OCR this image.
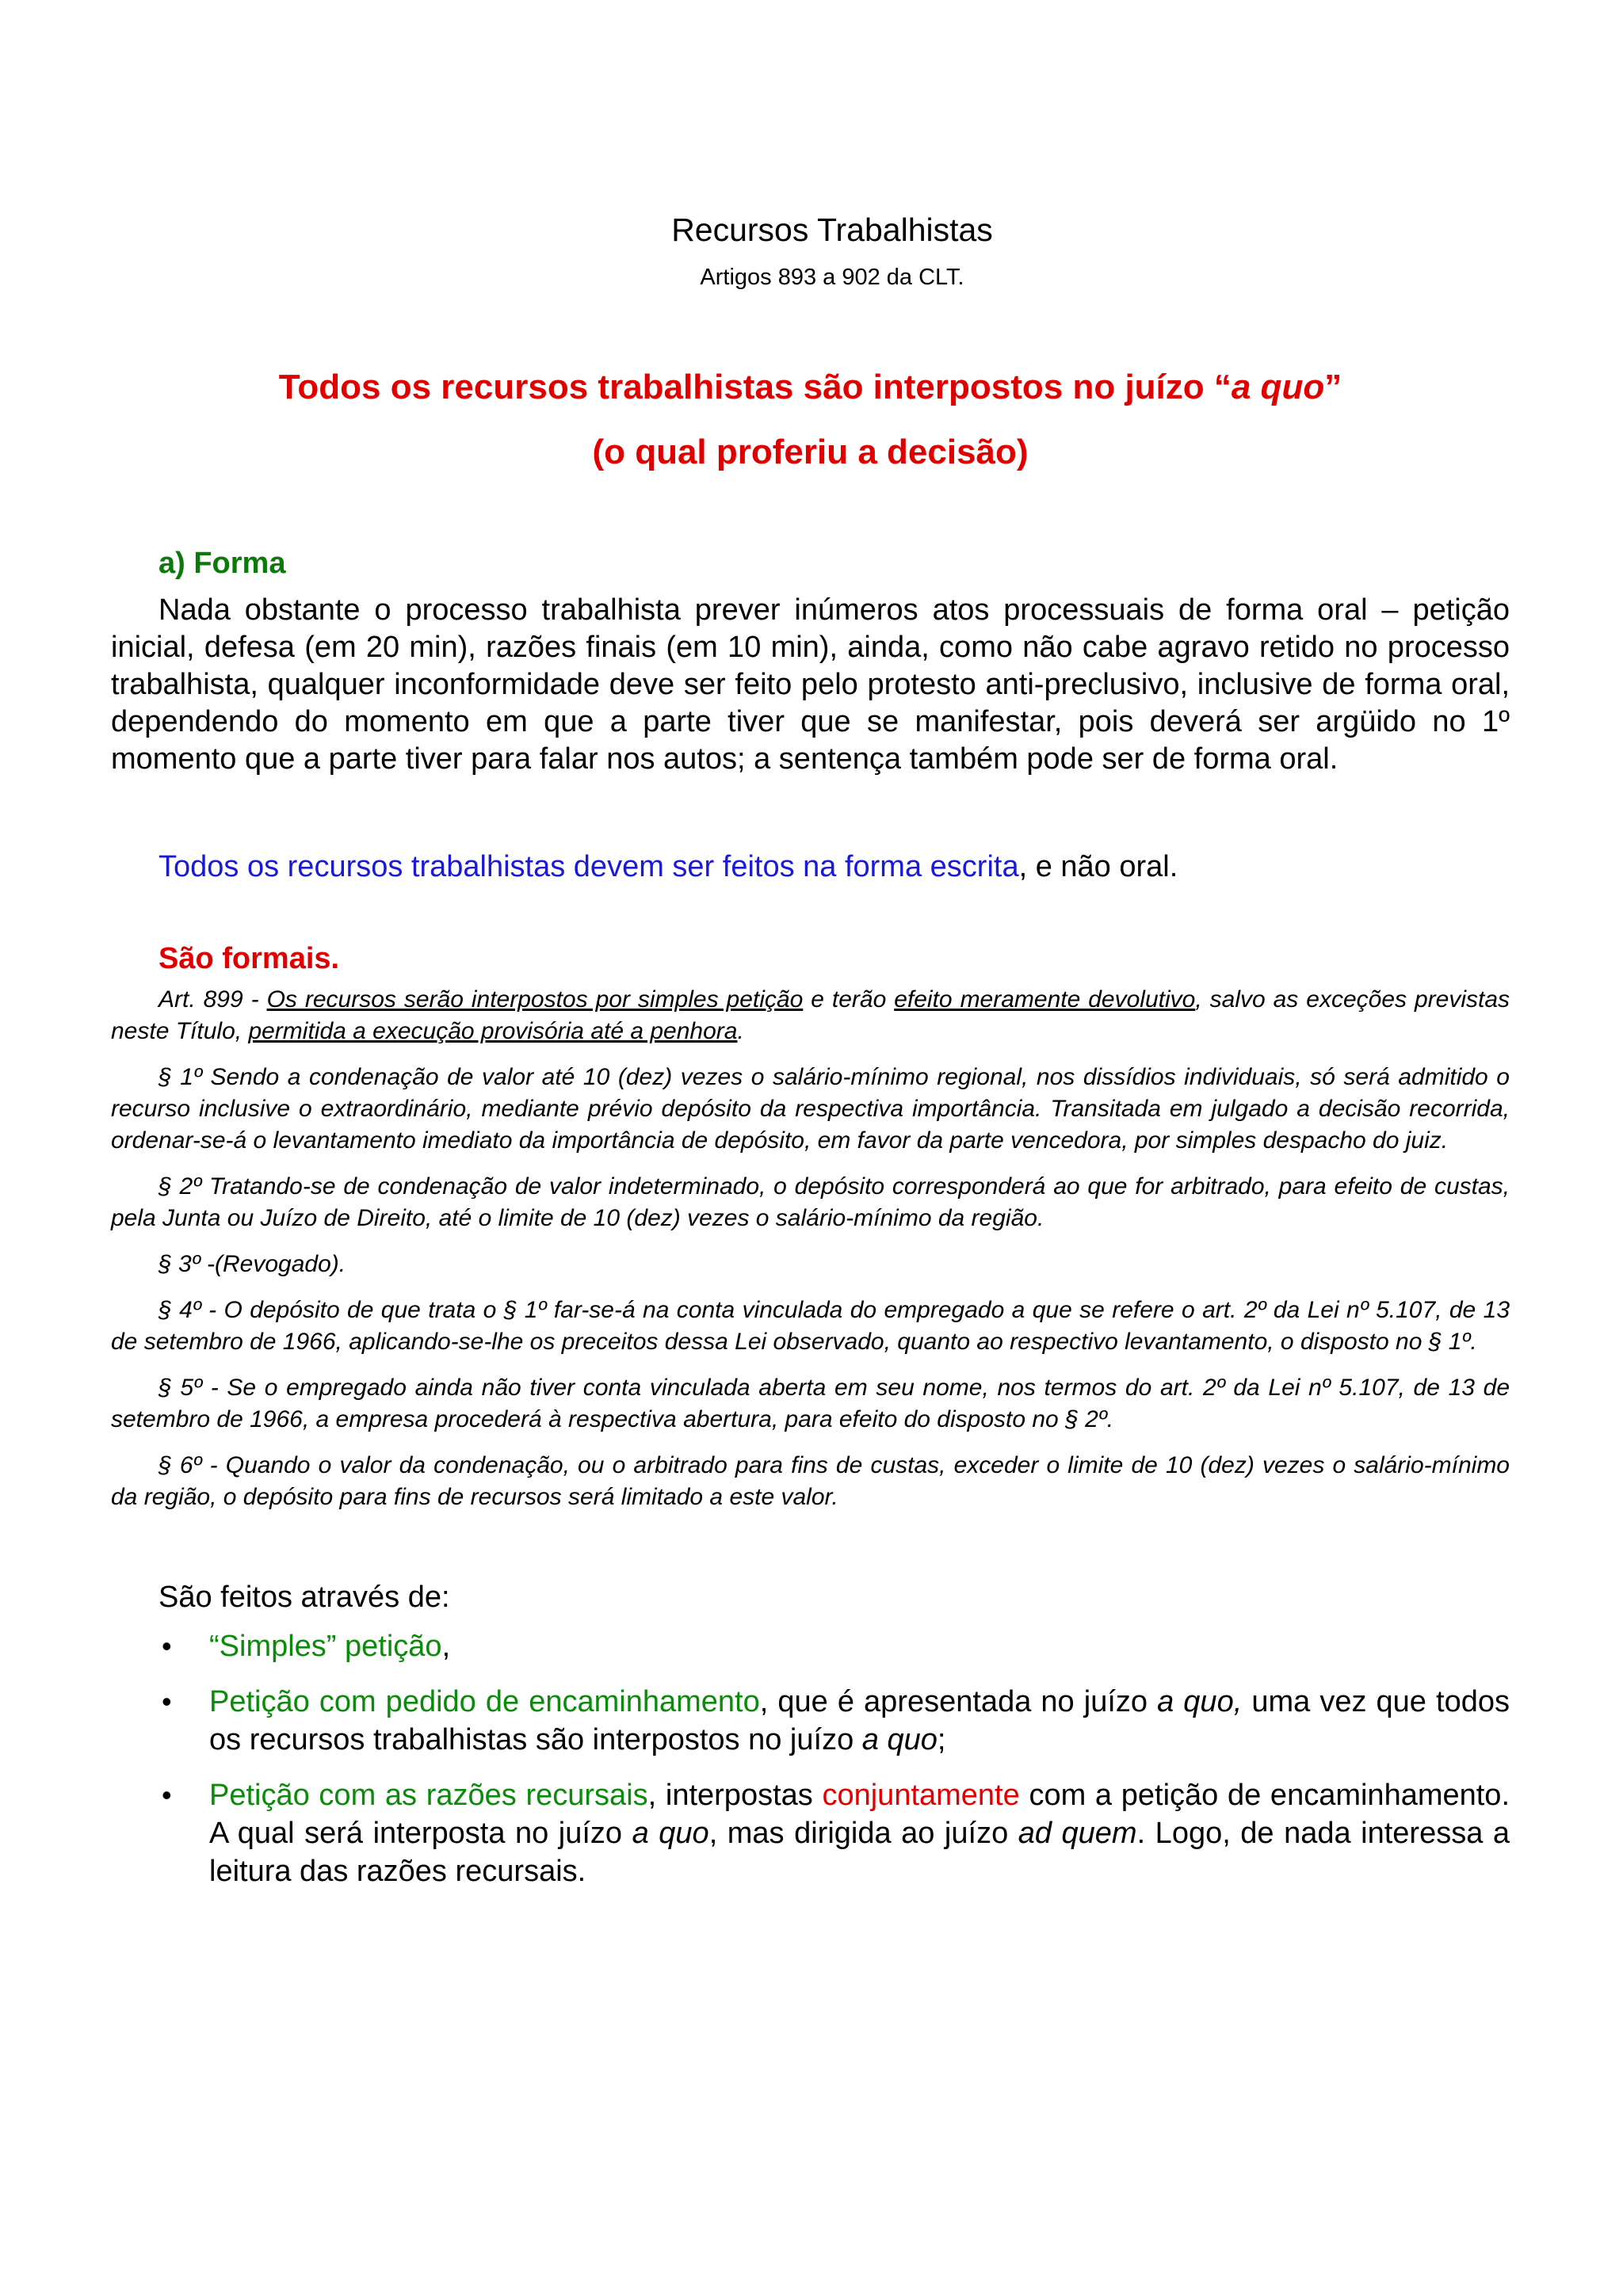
Recursos Trabalhistas
Artigos 893 a 902 da CLT.
Todos os recursos trabalhistas são interpostos no juízo “a quo”
(o qual proferiu a decisão)
a) Forma

Nada obstante o processo trabalhista prever inúmeros atos processuais de forma oral – petição inicial, defesa (em 20 min), razões finais (em 10 min), ainda, como não cabe agravo retido no processo trabalhista, qualquer inconformidade deve ser feito pelo protesto anti-preclusivo, inclusive de forma oral, dependendo do momento em que a parte tiver que se manifestar, pois deverá ser argüido no 1º momento que a parte tiver para falar nos autos; a sentença também pode ser de forma oral.

Todos os recursos trabalhistas devem ser feitos na forma escrita, e não oral.
São formais.

Art. 899 - Os recursos serão interpostos por simples petição e terão efeito meramente devolutivo, salvo as exceções previstas neste Título, permitida a execução provisória até a penhora.

§ 1º Sendo a condenação de valor até 10 (dez) vezes o salário-mínimo regional, nos dissídios individuais, só será admitido o recurso inclusive o extraordinário, mediante prévio depósito da respectiva importância. Transitada em julgado a decisão recorrida, ordenar-se-á o levantamento imediato da importância de depósito, em favor da parte vencedora, por simples despacho do juiz.

§ 2º Tratando-se de condenação de valor indeterminado, o depósito corresponderá ao que for arbitrado, para efeito de custas, pela Junta ou Juízo de Direito, até o limite de 10 (dez) vezes o salário-mínimo da região.

§ 3º -(Revogado).

§ 4º - O depósito de que trata o § 1º far-se-á na conta vinculada do empregado a que se refere o art. 2º da Lei nº 5.107, de 13 de setembro de 1966, aplicando-se-lhe os preceitos dessa Lei observado, quanto ao respectivo levantamento, o disposto no § 1º.

§ 5º - Se o empregado ainda não tiver conta vinculada aberta em seu nome, nos termos do art. 2º da Lei nº 5.107, de 13 de setembro de 1966, a empresa procederá à respectiva abertura, para efeito do disposto no § 2º.

§ 6º - Quando o valor da condenação, ou o arbitrado para fins de custas, exceder o limite de 10 (dez) vezes o salário-mínimo da região, o depósito para fins de recursos será limitado a este valor.

São feitos através de:
• “Simples” petição,
• Petição com pedido de encaminhamento, que é apresentada no juízo a quo, uma vez que todos os recursos trabalhistas são interpostos no juízo a quo;
• Petição com as razões recursais, interpostas conjuntamente com a petição de encaminhamento. A qual será interposta no juízo a quo, mas dirigida ao juízo ad quem. Logo, de nada interessa a leitura das razões recursais.
